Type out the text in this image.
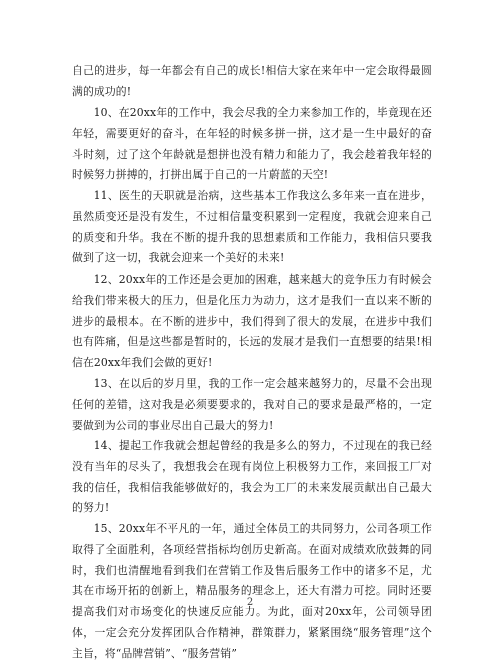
自己的进步，每一年都会有自己的成长!相信大家在来年中一定会取得最圆满的成功的!

10、在20xx年的工作中，我会尽我的全力来参加工作的，毕竟现在还年轻，需要更好的奋斗，在年轻的时候多拼一拼，这才是一生中最好的奋斗时刻，过了这个年龄就是想拼也没有精力和能力了，我会趁着我年轻的时候努力拼搏的，打拼出属于自己的一片蔚蓝的天空!

11、医生的天职就是治病，这些基本工作我这么多年来一直在进步，虽然质变还是没有发生，不过相信量变积累到一定程度，我就会迎来自己的质变和升华。我在不断的提升我的思想素质和工作能力，我相信只要我做到了这一切，我就会迎来一个美好的未来!

12、20xx年的工作还是会更加的困难，越来越大的竞争压力有时候会给我们带来极大的压力，但是化压力为动力，这才是我们一直以来不断的进步的最根本。在不断的进步中，我们得到了很大的发展，在进步中我们也有阵痛，但是这些都是暂时的，长远的发展才是我们一直想要的结果!相信在20xx年我们会做的更好!

13、在以后的岁月里，我的工作一定会越来越努力的，尽量不会出现任何的差错，这对我是必须要要求的，我对自己的要求是最严格的，一定要做到为公司的事业尽出自己最大的努力!

14、提起工作我就会想起曾经的我是多么的努力，不过现在的我已经没有当年的尽头了，我想我会在现有岗位上积极努力工作，来回报工厂对我的信任，我相信我能够做好的，我会为工厂的未来发展贡献出自己最大的努力!

15、20xx年不平凡的一年，通过全体员工的共同努力，公司各项工作取得了全面胜利，各项经营指标均创历史新高。在面对成绩欢欣鼓舞的同时，我们也清醒地看到我们在营销工作及售后服务工作中的诸多不足，尤其在市场开拓的创新上，精品服务的理念上，还大有潜力可挖。同时还要提高我们对市场变化的快速反应能力。为此，面对20xx年，公司领导团体，一定会充分发挥团队合作精神，群策群力，紧紧围绕“服务管理”这个主旨，将“品牌营销”、“服务营销”

2
